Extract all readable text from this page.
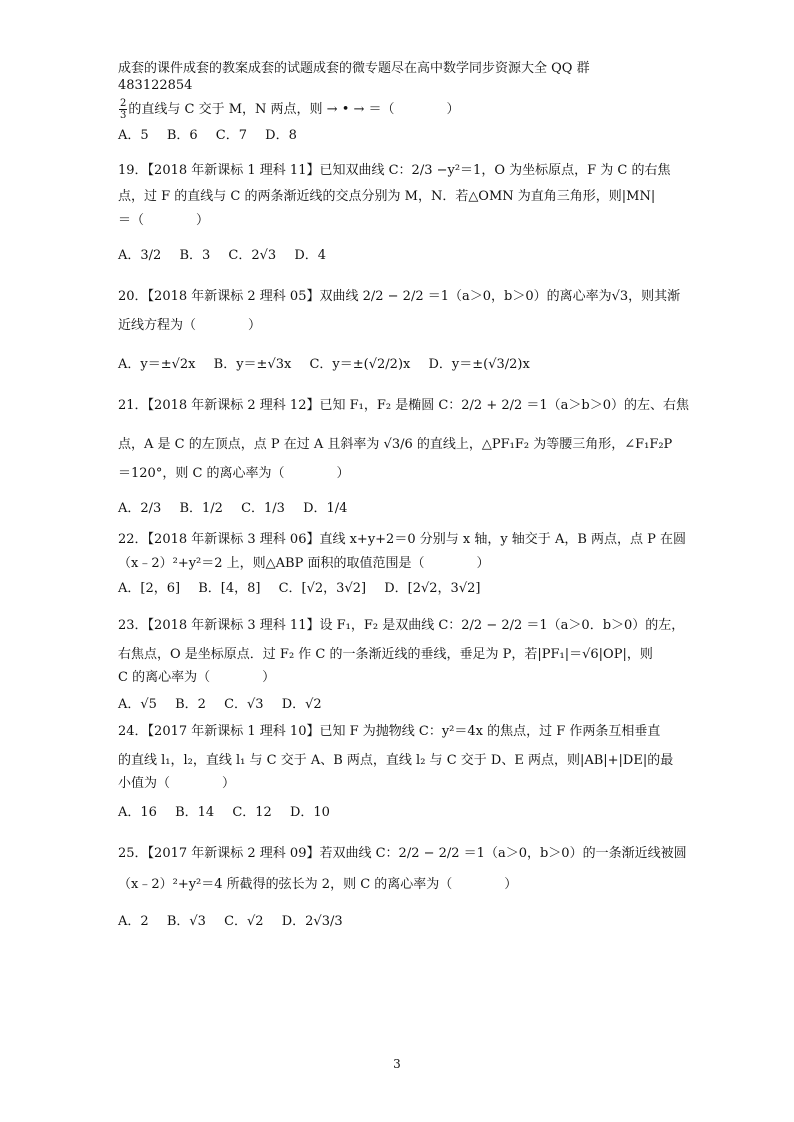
成套的课件成套的教案成套的试题成套的微专题尽在高中数学同步资源大全 QQ 群

483122854

$\frac{2}{3}$ 的直线与 C 交于 M，N 两点，则 → • → ＝（　　　　）

A．5 B．6 C．7 D．8

19．【2018 年新课标 1 理科 11】已知双曲线 C：2/3 −y²＝1，O 为坐标原点，F 为 C 的右焦

点，过 F 的直线与 C 的两条渐近线的交点分别为 M，N．若△OMN 为直角三角形，则|MN|

＝（　　　　）

A．3/2 B．3 C．2√3 D．4

20．【2018 年新课标 2 理科 05】双曲线 2/2 − 2/2 ＝1（a＞0，b＞0）的离心率为√3，则其渐

近线方程为（　　　　）

A．y＝±√2x B．y＝±√3x C．y＝±(√2/2)x D．y＝±(√3/2)x

21．【2018 年新课标 2 理科 12】已知 F₁，F₂ 是椭圆 C：2/2 + 2/2 ＝1（a＞b＞0）的左、右焦

点，A 是 C 的左顶点，点 P 在过 A 且斜率为 √3/6 的直线上，△PF₁F₂ 为等腰三角形，∠F₁F₂P

＝120°，则 C 的离心率为（　　　　）

A．2/3 B．1/2 C．1/3 D．1/4

22．【2018 年新课标 3 理科 06】直线 x+y+2＝0 分别与 x 轴，y 轴交于 A，B 两点，点 P 在圆

（x﹣2）²+y²＝2 上，则△ABP 面积的取值范围是（　　　　）

A．[2，6] B．[4，8] C．[√2，3√2] D．[2√2，3√2]

23．【2018 年新课标 3 理科 11】设 F₁，F₂ 是双曲线 C：2/2 − 2/2 ＝1（a＞0．b＞0）的左，

右焦点，O 是坐标原点．过 F₂ 作 C 的一条渐近线的垂线，垂足为 P，若|PF₁|＝√6|OP|，则

C 的离心率为（　　　　）

A．√5 B．2 C．√3 D．√2

24．【2017 年新课标 1 理科 10】已知 F 为抛物线 C：y²＝4x 的焦点，过 F 作两条互相垂直

的直线 l₁，l₂，直线 l₁ 与 C 交于 A、B 两点，直线 l₂ 与 C 交于 D、E 两点，则|AB|+|DE|的最

小值为（　　　　）

A．16 B．14 C．12 D．10

25．【2017 年新课标 2 理科 09】若双曲线 C：2/2 − 2/2 ＝1（a＞0，b＞0）的一条渐近线被圆

（x﹣2）²+y²＝4 所截得的弦长为 2，则 C 的离心率为（　　　　）

A．2 B．√3 C．√2 D．2√3/3
3
